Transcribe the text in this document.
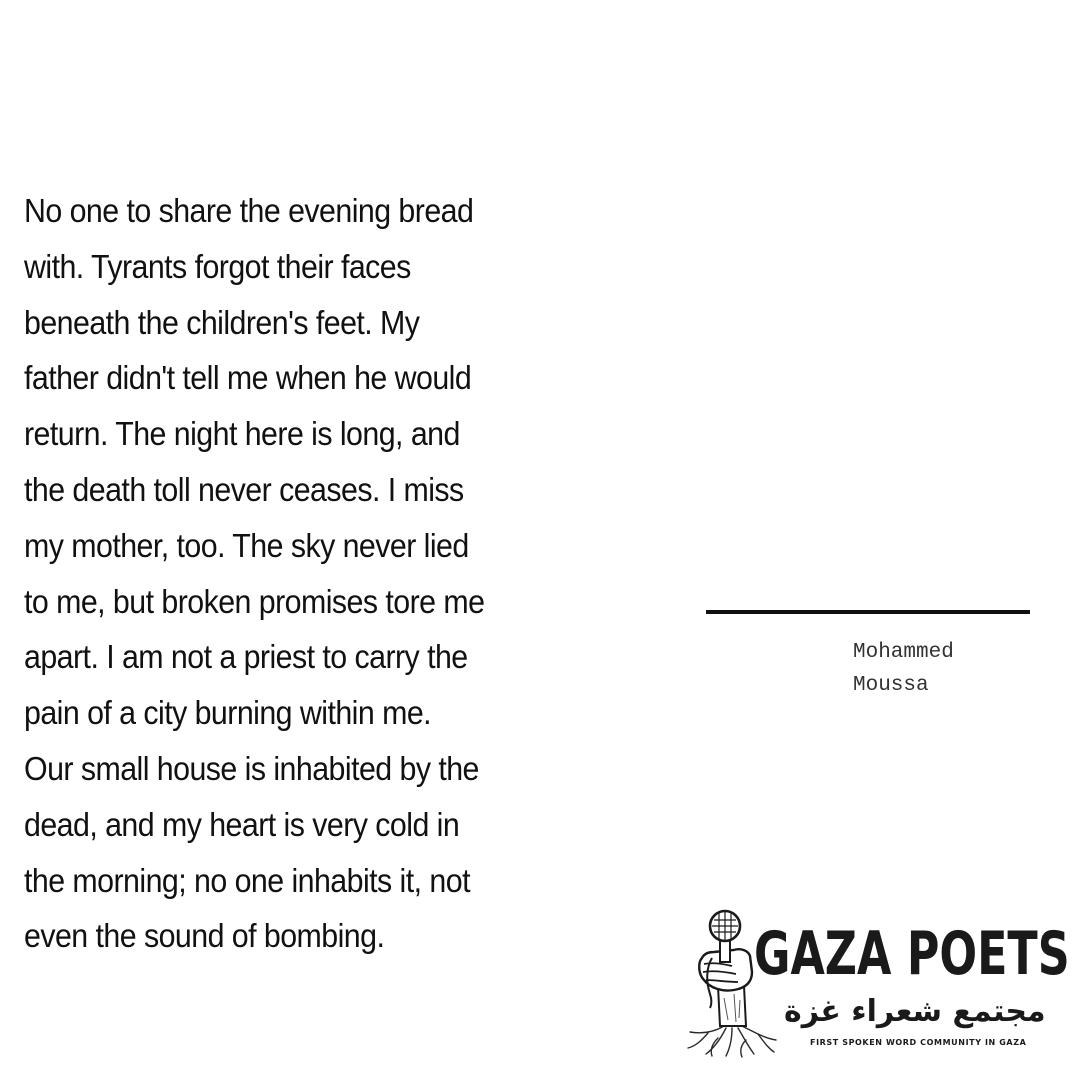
No one to share the evening bread
with. Tyrants forgot their faces
beneath the children's feet. My
father didn't tell me when he would
return. The night here is long, and
the death toll never ceases. I miss
my mother, too. The sky never lied
to me, but broken promises tore me
apart. I am not a priest to carry the
pain of a city burning within me.
Our small house is inhabited by the
dead, and my heart is very cold in
the morning; no one inhabits it, not
even the sound of bombing.
Mohammed
Moussa
GAZA POETS
مجتمع شعراء غزة
FIRST SPOKEN WORD COMMUNITY IN GAZA
